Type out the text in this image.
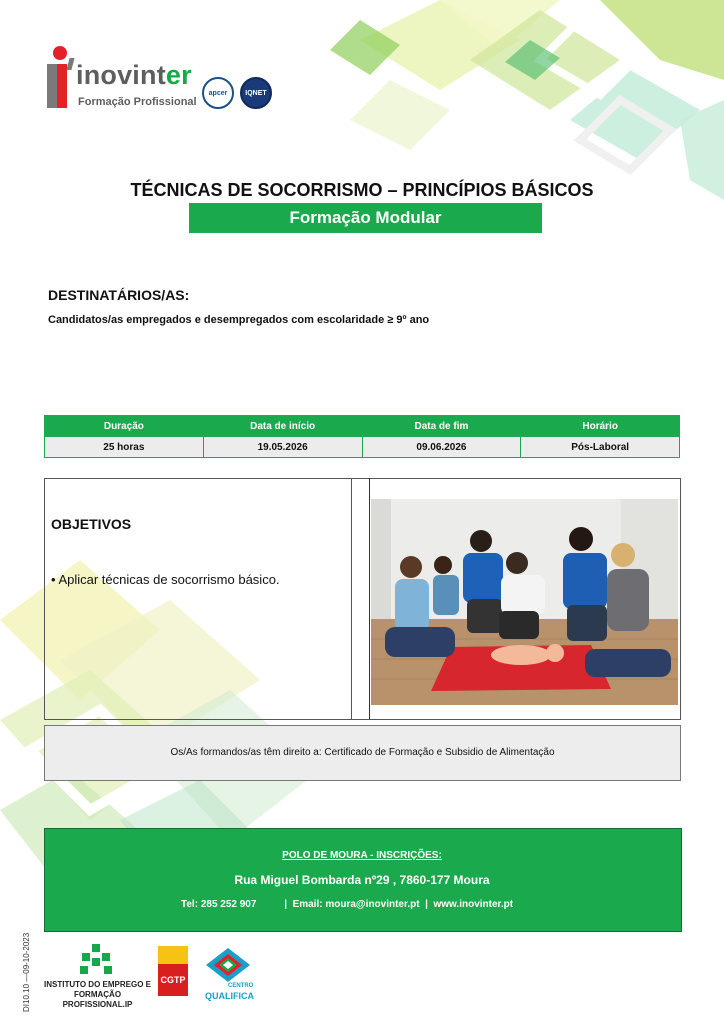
inovinter
Formação Profissional
apcer	IQNET
TÉCNICAS DE SOCORRISMO – PRINCÍPIOS BÁSICOS
Formação Modular
DESTINATÁRIOS/AS:
Candidatos/as empregados e desempregados com escolaridade ≥ 9º ano
Duração	Data de início	Data de fim	Horário
25 horas	19.05.2026	09.06.2026	Pós-Laboral
OBJETIVOS
• Aplicar técnicas de socorrismo básico.
Os/As formandos/as têm direito a: Certificado de Formação e Subsidio de Alimentação
POLO DE MOURA - INSCRIÇÕES:
Rua Miguel Bombarda nº29 , 7860-177 Moura
Tel: 285 252 907          |  Email: moura@inovinter.pt  |  www.inovinter.pt
DI10.10 —09-10-2023	INSTITUTO DO EMPREGO E FORMAÇÃO PROFISSIONAL.IP
CGTP
CENTRO
QUALIFICA
